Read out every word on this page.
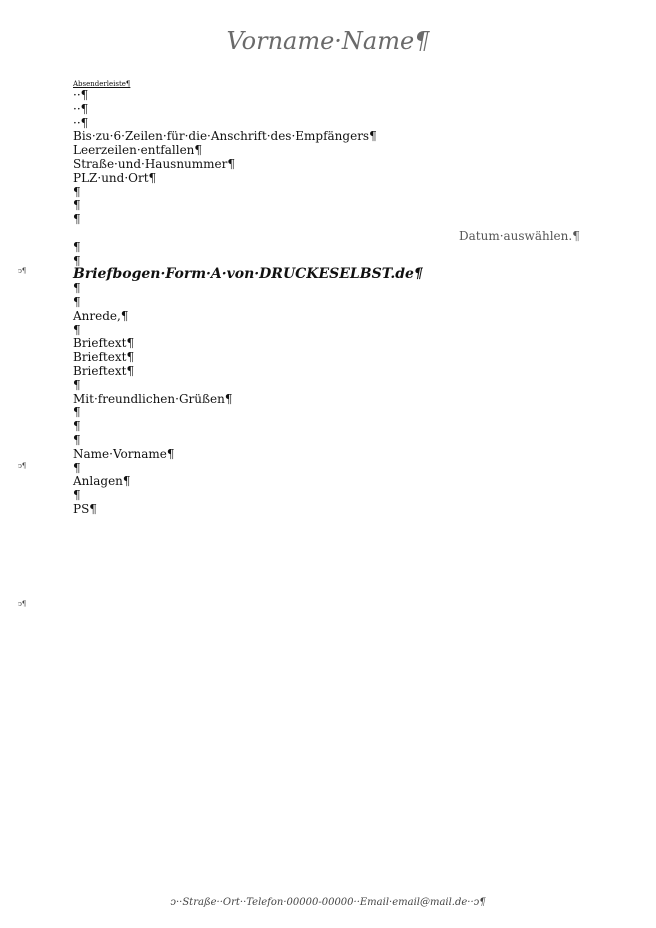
Vorname·Name¶
Absenderleiste¶
··¶
··¶
··¶
Bis·zu·6·Zeilen·für·die·Anschrift·des·Empfängers¶
Leerzeilen·entfallen¶
Straße·und·Hausnummer¶
PLZ·und·Ort¶
¶
¶
¶
¶
¶
Briefbogen·Form·A·von·DRUCKESELBST.de¶
¶
¶
Anrede,¶
¶
Brieftext¶
Brieftext¶
Brieftext¶
¶
Mit·freundlichen·Grüßen¶
¶
¶
¶
Name·Vorname¶
¶
Anlagen¶
¶
PS¶
Datum·auswählen.¶
ↄ¶
ↄ¶
ↄ¶
ↄ··Straße··Ort··Telefon·00000-00000··Email·email@mail.de··ↄ¶
